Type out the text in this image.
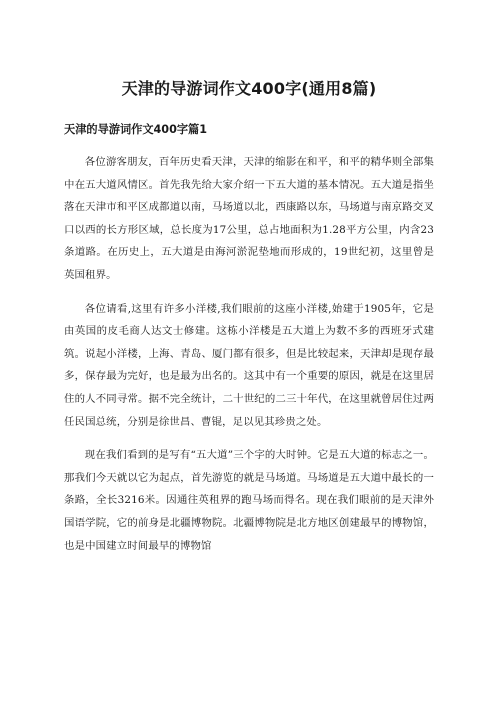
天津的导游词作文400字(通用8篇)
天津的导游词作文400字篇1

各位游客朋友，百年历史看天津，天津的缩影在和平，和平的精华则全部集中在五大道风情区。首先我先给大家介绍一下五大道的基本情况。五大道是指坐落在天津市和平区成都道以南，马场道以北，西康路以东，马场道与南京路交叉口以西的长方形区域，总长度为17公里，总占地面积为1.28平方公里，内含23条道路。在历史上，五大道是由海河淤泥垫地而形成的，19世纪初，这里曾是英国租界。

各位请看,这里有许多小洋楼,我们眼前的这座小洋楼,始建于1905年，它是由英国的皮毛商人达文士修建。这栋小洋楼是五大道上为数不多的西班牙式建筑。说起小洋楼，上海、青岛、厦门都有很多，但是比较起来，天津却是现存最多，保存最为完好，也是最为出名的。这其中有一个重要的原因，就是在这里居住的人不同寻常。据不完全统计，二十世纪的二三十年代，在这里就曾居住过两任民国总统，分别是徐世昌、曹锟，足以见其珍贵之处。

现在我们看到的是写有“五大道”三个字的大时钟。它是五大道的标志之一。那我们今天就以它为起点，首先游览的就是马场道。马场道是五大道中最长的一条路，全长3216米。因通往英租界的跑马场而得名。现在我们眼前的是天津外国语学院，它的前身是北疆博物院。北疆博物院是北方地区创建最早的博物馆，也是中国建立时间最早的博物馆
